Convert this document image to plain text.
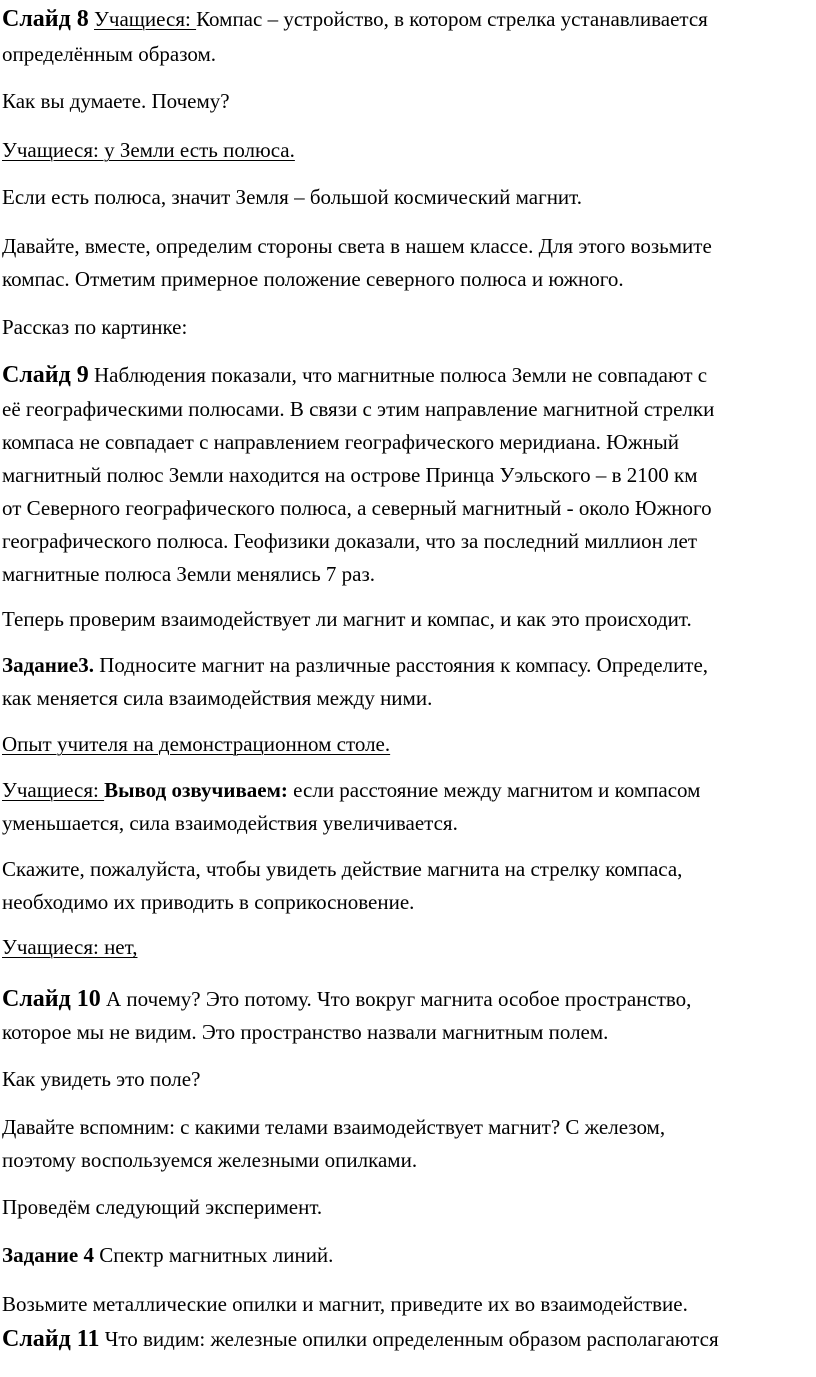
Слайд 8 Учащиеся: Компас – устройство, в котором стрелка устанавливается

определённым образом.

Как вы думаете. Почему?

Учащиеся: у Земли есть полюса.

Если есть полюса, значит Земля – большой космический магнит.

Давайте, вместе, определим стороны света в нашем классе. Для этого возьмите

компас. Отметим примерное положение северного полюса и южного.

Рассказ по картинке:

Слайд 9 Наблюдения показали, что магнитные полюса Земли не совпадают с

её географическими полюсами. В связи с этим направление магнитной стрелки

компаса не совпадает с направлением географического меридиана. Южный

магнитный полюс Земли находится на острове Принца Уэльского – в 2100 км

от Северного географического полюса, а северный магнитный - около Южного

географического полюса. Геофизики доказали, что за последний миллион лет

магнитные полюса Земли менялись 7 раз.

Теперь проверим взаимодействует ли магнит и компас, и как это происходит.

Задание3. Подносите магнит на различные расстояния к компасу. Определите,

как меняется сила взаимодействия между ними.

Опыт учителя на демонстрационном столе.

Учащиеся: Вывод озвучиваем: если расстояние между магнитом и компасом

уменьшается, сила взаимодействия увеличивается.

Скажите, пожалуйста, чтобы увидеть действие магнита на стрелку компаса,

необходимо их приводить в соприкосновение.

Учащиеся: нет,

Слайд 10 А почему? Это потому. Что вокруг магнита особое пространство,

которое мы не видим. Это пространство назвали магнитным полем.

Как увидеть это поле?

Давайте вспомним: с какими телами взаимодействует магнит? С железом,

поэтому воспользуемся железными опилками.

Проведём следующий эксперимент.

Задание 4 Спектр магнитных линий.

Возьмите металлические опилки и магнит, приведите их во взаимодействие.

Слайд 11 Что видим: железные опилки определенным образом располагаются
